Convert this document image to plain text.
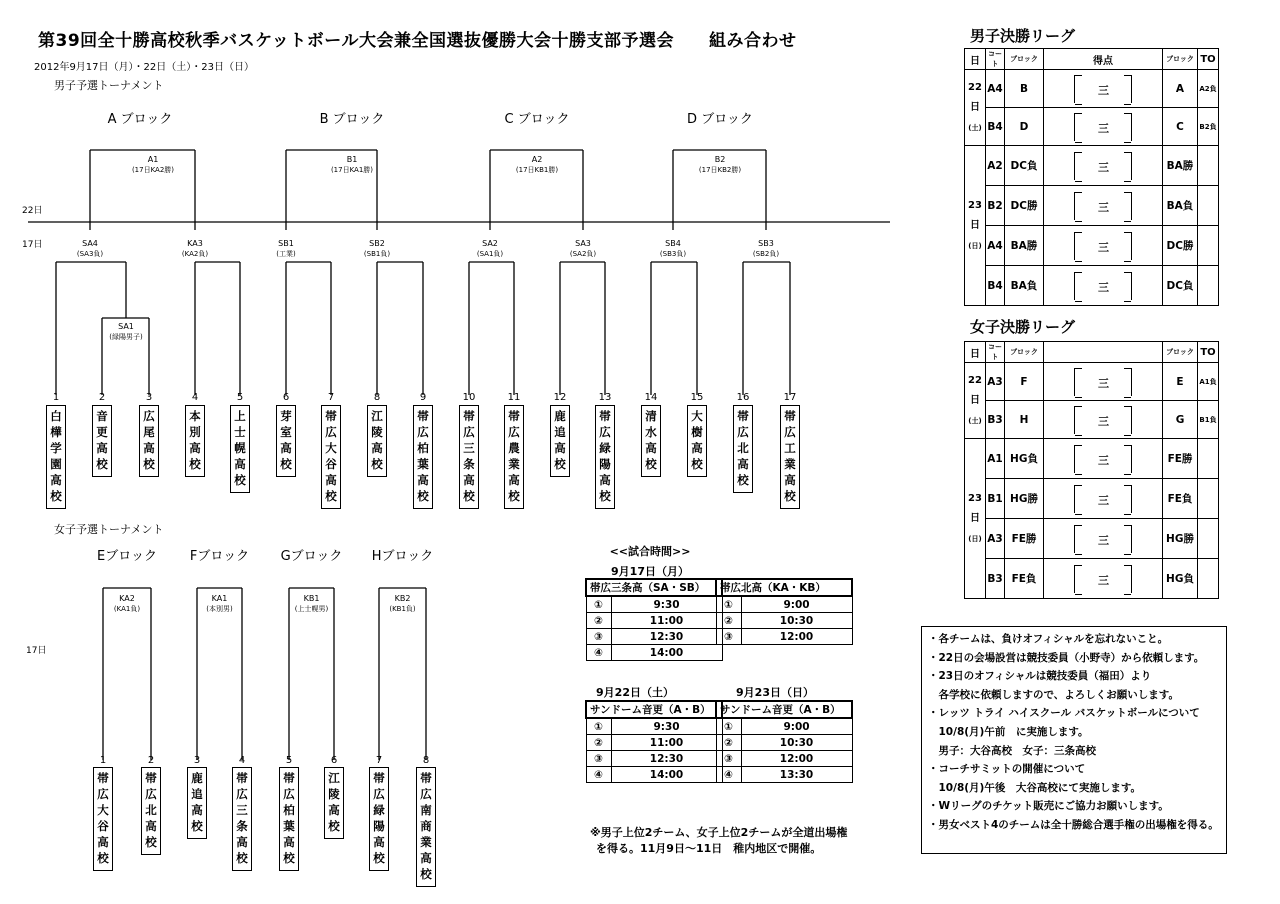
第39回全十勝高校秋季バスケットボール大会兼全国選抜優勝大会十勝支部予選会　　組み合わせ
2012年9月17日（月）・22日（土）・23日（日）
男子予選トーナメント
女子予選トーナメント
22日
17日
17日
A ブロック
A1
(17日KA2勝)
B ブロック
B1
(17日KA1勝)
C ブロック
A2
(17日KB1勝)
D ブロック
B2
(17日KB2勝)
SA4
(SA3負)
KA3
(KA2負)
SB1
(工業)
SB2
(SB1負)
SA2
(SA1負)
SA3
(SA2負)
SB4
(SB3負)
SB3
(SB2負)
SA1
(緑陽男子)
1
白樺学園高校
2
音更高校
3
広尾高校
4
本別高校
5
上士幌高校
6
芽室高校
7
帯広大谷高校
8
江陵高校
9
帯広柏葉高校
10
帯広三条高校
11
帯広農業高校
12
鹿追高校
13
帯広緑陽高校
14
清水高校
15
大樹高校
16
帯広北高校
17
帯広工業高校
Eブロック
KA2
(KA1負)
Fブロック
KA1
(本別男)
Gブロック
KB1
(上士幌男)
Hブロック
KB2
(KB1負)
1
帯広大谷高校
2
帯広北高校
3
鹿追高校
4
帯広三条高校
5
帯広柏葉高校
6
江陵高校
7
帯広緑陽高校
8
帯広南商業高校
<<試合時間>>
9月17日（月）
9月22日（土）	9月23日（日）
帯広三条高（SA・SB）	
①	9:30
②	11:00
③	12:30
④	14:00
帯広北高（KA・KB）	
①	9:00
②	10:30
③	12:00
サンドーム音更（A・B）	
①	9:30
②	11:00
③	12:30
④	14:00
サンドーム音更（A・B）	
①	9:00
②	10:30
③	12:00
④	13:30
※男子上位2チーム、女子上位2チームが全道出場権
を得る。11月9日～11日　稚内地区で開催。
男子決勝リーグ
日	コート	ブロック	得点	ブロック	TO

22
日
(土)	A4	B	三	A	A2負
	B4	D	三	C	B2負

23
日
(日)	A2	DC負	三	BA勝	
	B2	DC勝	三	BA負	
	A4	BA勝	三	DC勝	
	B4	BA負	三	DC負	
女子決勝リーグ
日	コート	ブロック		ブロック	TO

22
日
(土)	A3	F	三	E	A1負
	B3	H	三	G	B1負

23
日
(日)	A1	HG負	三	FE勝	
	B1	HG勝	三	FE負	
	A3	FE勝	三	HG勝	
	B3	FE負	三	HG負	
・各チームは、負けオフィシャルを忘れないこと。
・22日の会場設営は競技委員（小野寺）から依頼します。
・23日のオフィシャルは競技委員（福田）より
　各学校に依頼しますので、よろしくお願いします。
・レッツ トライ ハイスクール バスケットボールについて
　10/8(月)午前　に実施します。
　男子：大谷高校　女子：三条高校
・コーチサミットの開催について
　10/8(月)午後　大谷高校にて実施します。
・Wリーグのチケット販売にご協力お願いします。
・男女ベスト4のチームは全十勝総合選手権の出場権を得る。
